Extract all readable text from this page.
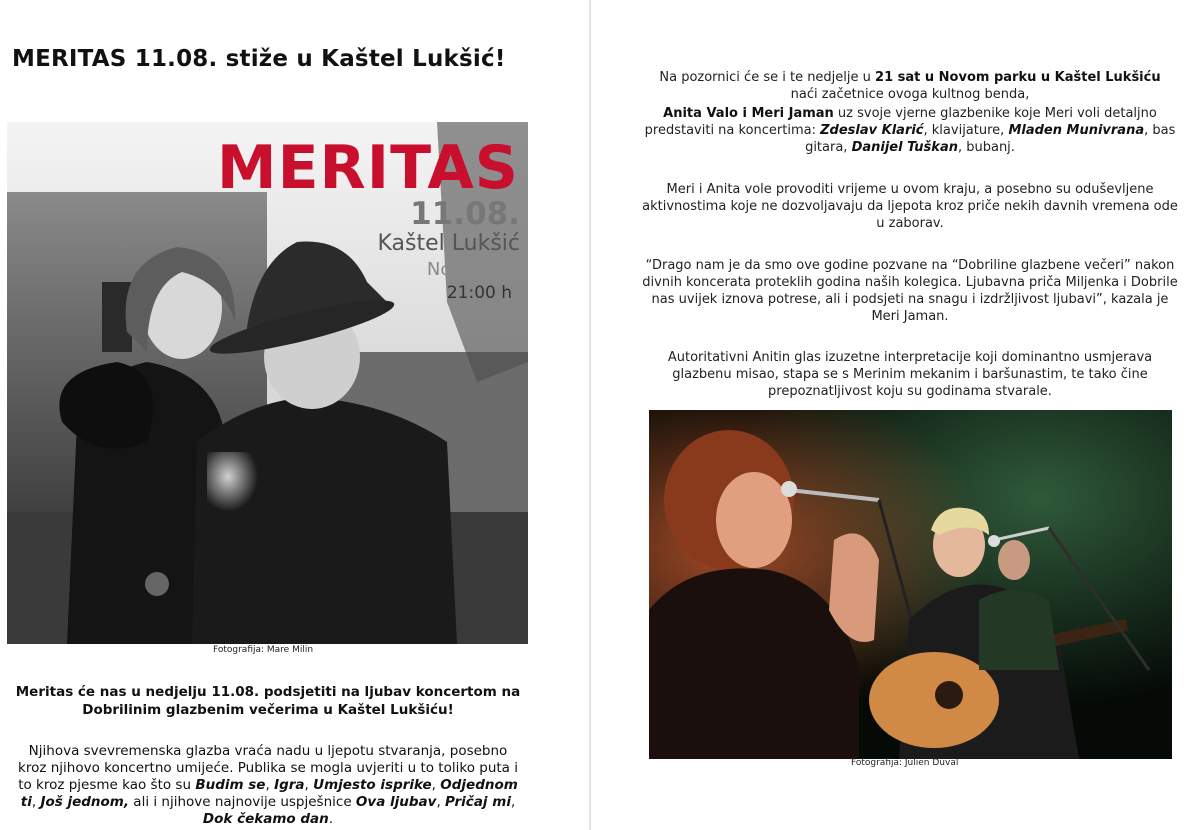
MERITAS 11.08. stiže u Kaštel Lukšić!
MERITAS
11.08.
Kaštel Lukšić
Novi park
21:00 h
Fotografija: Mare Milin
Meritas će nas u nedjelju 11.08. podsjetiti na ljubav koncertom na Dobrilinim glazbenim večerima u Kaštel Lukšiću!
Njihova svevremenska glazba vraća nadu u ljepotu stvaranja, posebno kroz njihovo koncertno umijeće. Publika se mogla uvjeriti u to toliko puta i to kroz pjesme kao što su Budim se, Igra, Umjesto isprike, Odjednom ti, Još jednom, ali i njihove najnovije uspješnice Ova ljubav, Pričaj mi, Dok čekamo dan.
Na pozornici će se i te nedjelje u 21 sat u Novom parku u Kaštel Lukšiću
naći začetnice ovoga kultnog benda,
Anita Valo i Meri Jaman uz svoje vjerne glazbenike koje Meri voli detaljno predstaviti na koncertima: Zdeslav Klarić, klavijature, Mladen Munivrana, bas gitara, Danijel Tuškan, bubanj.
Meri i Anita vole provoditi vrijeme u ovom kraju, a posebno su oduševljene aktivnostima koje ne dozvoljavaju da ljepota kroz priče nekih davnih vremena ode u zaborav.
“Drago nam je da smo ove godine pozvane na “Dobriline glazbene večeri” nakon divnih koncerata proteklih godina naših kolegica. Ljubavna priča Miljenka i Dobrile nas uvijek iznova potrese, ali i podsjeti na snagu i izdržljivost ljubavi”, kazala je Meri Jaman.
Autoritativni Anitin glas izuzetne interpretacije koji dominantno usmjerava glazbenu misao, stapa se s Merinim mekanim i baršunastim, te tako čine prepoznatljivost koju su godinama stvarale.
Fotografija: Julien Duval
